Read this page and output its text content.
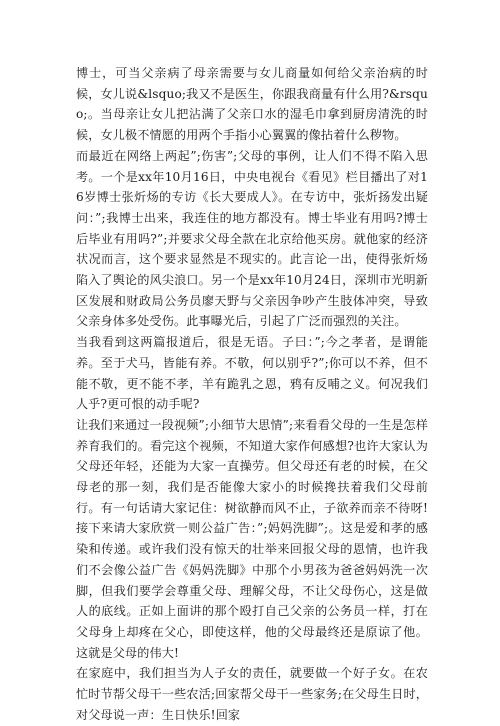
博士，可当父亲病了母亲需要与女儿商量如何给父亲治病的时候，女儿说&lsquo;我又不是医生，你跟我商量有什么用?&rsquo;。当母亲让女儿把沾满了父亲口水的湿毛巾拿到厨房清洗的时候，女儿极不情愿的用两个手指小心翼翼的像拈着什么秽物。

而最近在网络上两起”;伤害”;父母的事例，让人们不得不陷入思考。一个是xx年10月16日，中央电视台《看见》栏目播出了对16岁博士张炘炀的专访《长大要成人》。在专访中，张炘扬发出疑问：”;我博士出来，我连住的地方都没有。博士毕业有用吗?博士后毕业有用吗?”;并要求父母全款在北京给他买房。就他家的经济状况而言，这个要求显然是不现实的。此言论一出，使得张炘炀陷入了舆论的风尖浪口。另一个是xx年10月24日，深圳市光明新区发展和财政局公务员廖天野与父亲因争吵产生肢体冲突，导致父亲身体多处受伤。此事曝光后，引起了广泛而强烈的关注。

当我看到这两篇报道后，很是无语。子曰：”;今之孝者，是谓能养。至于犬马，皆能有养。不敬，何以别乎?”;你可以不养，但不能不敬，更不能不孝，羊有跪乳之恩，鸦有反哺之义。何况我们人乎?更可恨的动手呢?

让我们来通过一段视频”;小细节大思情”;来看看父母的一生是怎样养育我们的。看完这个视频，不知道大家作何感想?也许大家认为父母还年轻，还能为大家一直操劳。但父母还有老的时候，在父母老的那一刻，我们是否能像大家小的时候搀扶着我们父母前行。有一句话请大家记住：树欲静而风不止，子欲养而亲不待呀!接下来请大家欣赏一则公益广告：”;妈妈洗脚”;。这是爱和孝的感染和传递。或许我们没有惊天的壮举来回报父母的恩情，也许我们不会像公益广告《妈妈洗脚》中那个小男孩为爸爸妈妈洗一次脚，但我们要学会尊重父母、理解父母，不让父母伤心，这是做人的底线。正如上面讲的那个殴打自己父亲的公务员一样，打在父母身上却疼在父心，即使这样，他的父母最终还是原谅了他。这就是父母的伟大!

在家庭中，我们担当为人子女的责任，就要做一个好子女。在农忙时节帮父母干一些农活;回家帮父母干一些家务;在父母生日时，对父母说一声：生日快乐!回家
